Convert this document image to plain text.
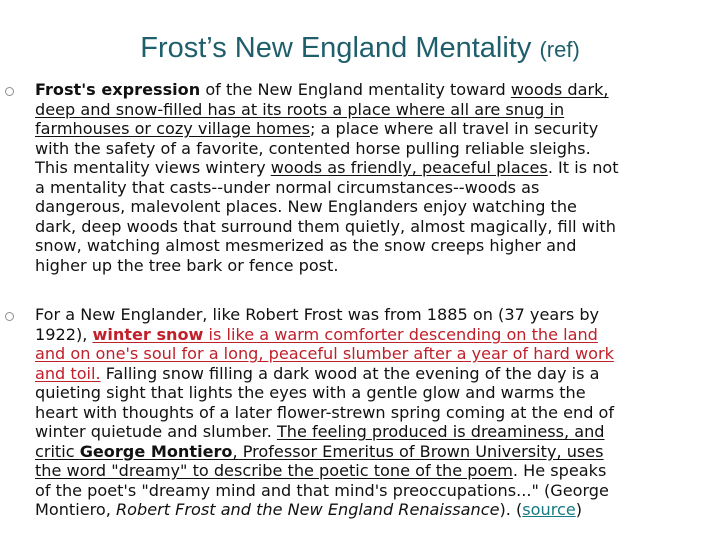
Frost’s New England Mentality (ref)
Frost's expression of the New England mentality toward woods dark,
deep and snow-filled has at its roots a place where all are snug in
farmhouses or cozy village homes; a place where all travel in security
with the safety of a favorite, contented horse pulling reliable sleighs.
This mentality views wintery woods as friendly, peaceful places. It is not
a mentality that casts--under normal circumstances--woods as
dangerous, malevolent places. New Englanders enjoy watching the
dark, deep woods that surround them quietly, almost magically, fill with
snow, watching almost mesmerized as the snow creeps higher and
higher up the tree bark or fence post.
For a New Englander, like Robert Frost was from 1885 on (37 years by
1922), winter snow is like a warm comforter descending on the land
and on one's soul for a long, peaceful slumber after a year of hard work
and toil. Falling snow filling a dark wood at the evening of the day is a
quieting sight that lights the eyes with a gentle glow and warms the
heart with thoughts of a later flower-strewn spring coming at the end of
winter quietude and slumber. The feeling produced is dreaminess, and
critic George Montiero, Professor Emeritus of Brown University, uses
the word "dreamy" to describe the poetic tone of the poem. He speaks
of the poet's "dreamy mind and that mind's preoccupations..." (George
Montiero, Robert Frost and the New England Renaissance). (source)
